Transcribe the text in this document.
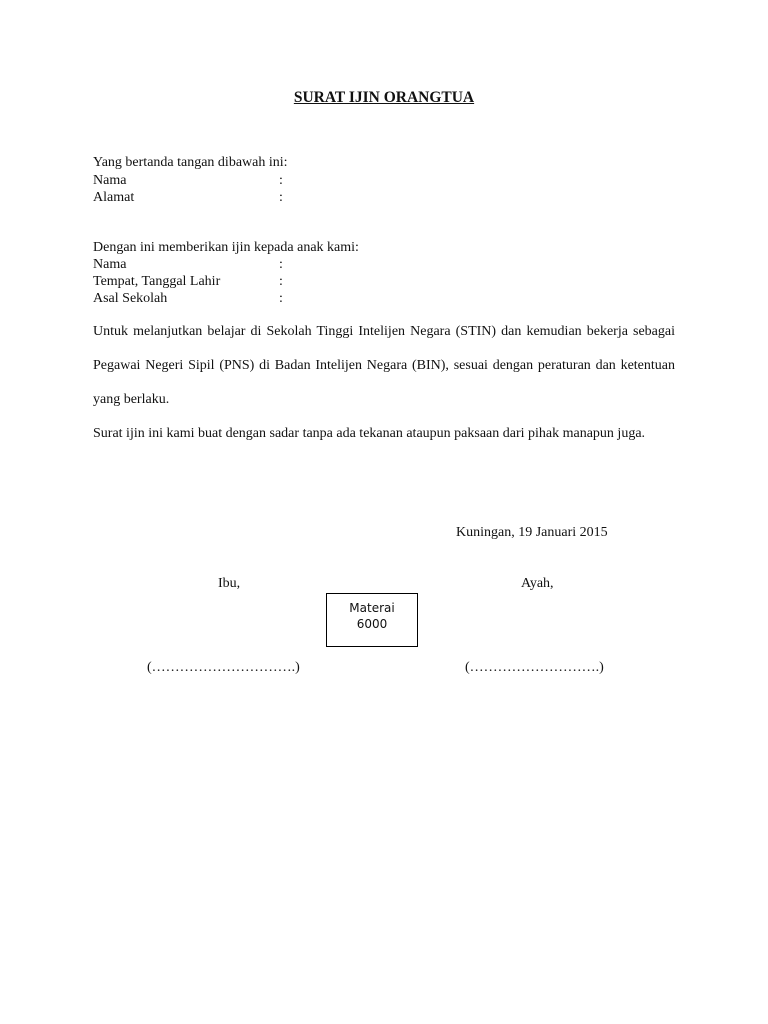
SURAT IJIN ORANGTUA
Yang bertanda tangan dibawah ini:
Nama	:
Alamat	:
Dengan ini memberikan ijin kepada anak kami:
Nama	:
Tempat, Tanggal Lahir	:
Asal Sekolah	:
Untuk melanjutkan belajar di Sekolah Tinggi Intelijen Negara (STIN) dan kemudian bekerja sebagai Pegawai Negeri Sipil (PNS) di Badan Intelijen Negara (BIN), sesuai dengan peraturan dan ketentuan yang berlaku.
Surat ijin ini kami buat dengan sadar tanpa ada tekanan ataupun paksaan dari pihak manapun juga.
Kuningan, 19 Januari 2015
Ibu,	Ayah,
Materai
6000
(………………………….)	(……………………….)
